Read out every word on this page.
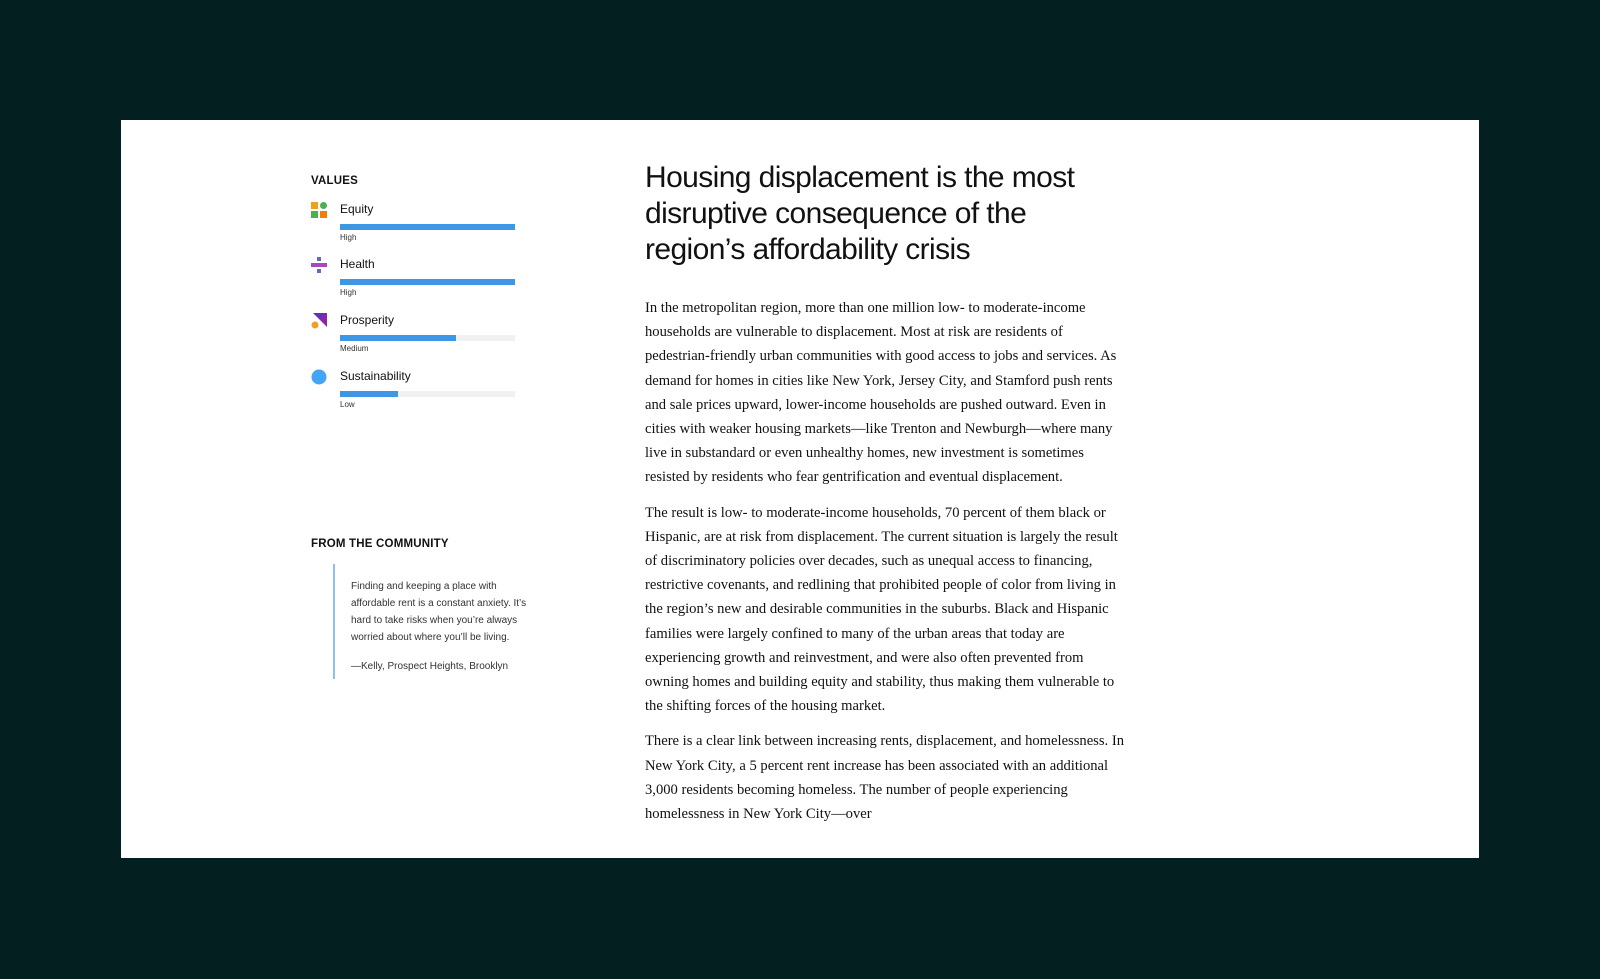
VALUES
Equity
High
Health
High
Prosperity
Medium
Sustainability
Low
FROM THE COMMUNITY

Finding and keeping a place with affordable rent is a constant anxiety. It’s hard to take risks when you’re always worried about where you’ll be living.

—Kelly, Prospect Heights, Brooklyn

Housing displacement is the most disruptive consequence of the region’s affordability crisis

In the metropolitan region, more than one million low- to moderate-income households are vulnerable to displacement. Most at risk are residents of pedestrian-friendly urban communities with good access to jobs and services. As demand for homes in cities like New York, Jersey City, and Stamford push rents and sale prices upward, lower-income households are pushed outward. Even in cities with weaker housing markets—like Trenton and Newburgh—where many live in substandard or even unhealthy homes, new investment is sometimes resisted by residents who fear gentrification and eventual displacement.

The result is low- to moderate-income households, 70 percent of them black or Hispanic, are at risk from displacement. The current situation is largely the result of discriminatory policies over decades, such as unequal access to financing, restrictive covenants, and redlining that prohibited people of color from living in the region’s new and desirable communities in the suburbs. Black and Hispanic families were largely confined to many of the urban areas that today are experiencing growth and reinvestment, and were also often prevented from owning homes and building equity and stability, thus making them vulnerable to the shifting forces of the housing market.

There is a clear link between increasing rents, displacement, and homelessness. In New York City, a 5 percent rent increase has been associated with an additional 3,000 residents becoming homeless. The number of people experiencing homelessness in New York City—over
